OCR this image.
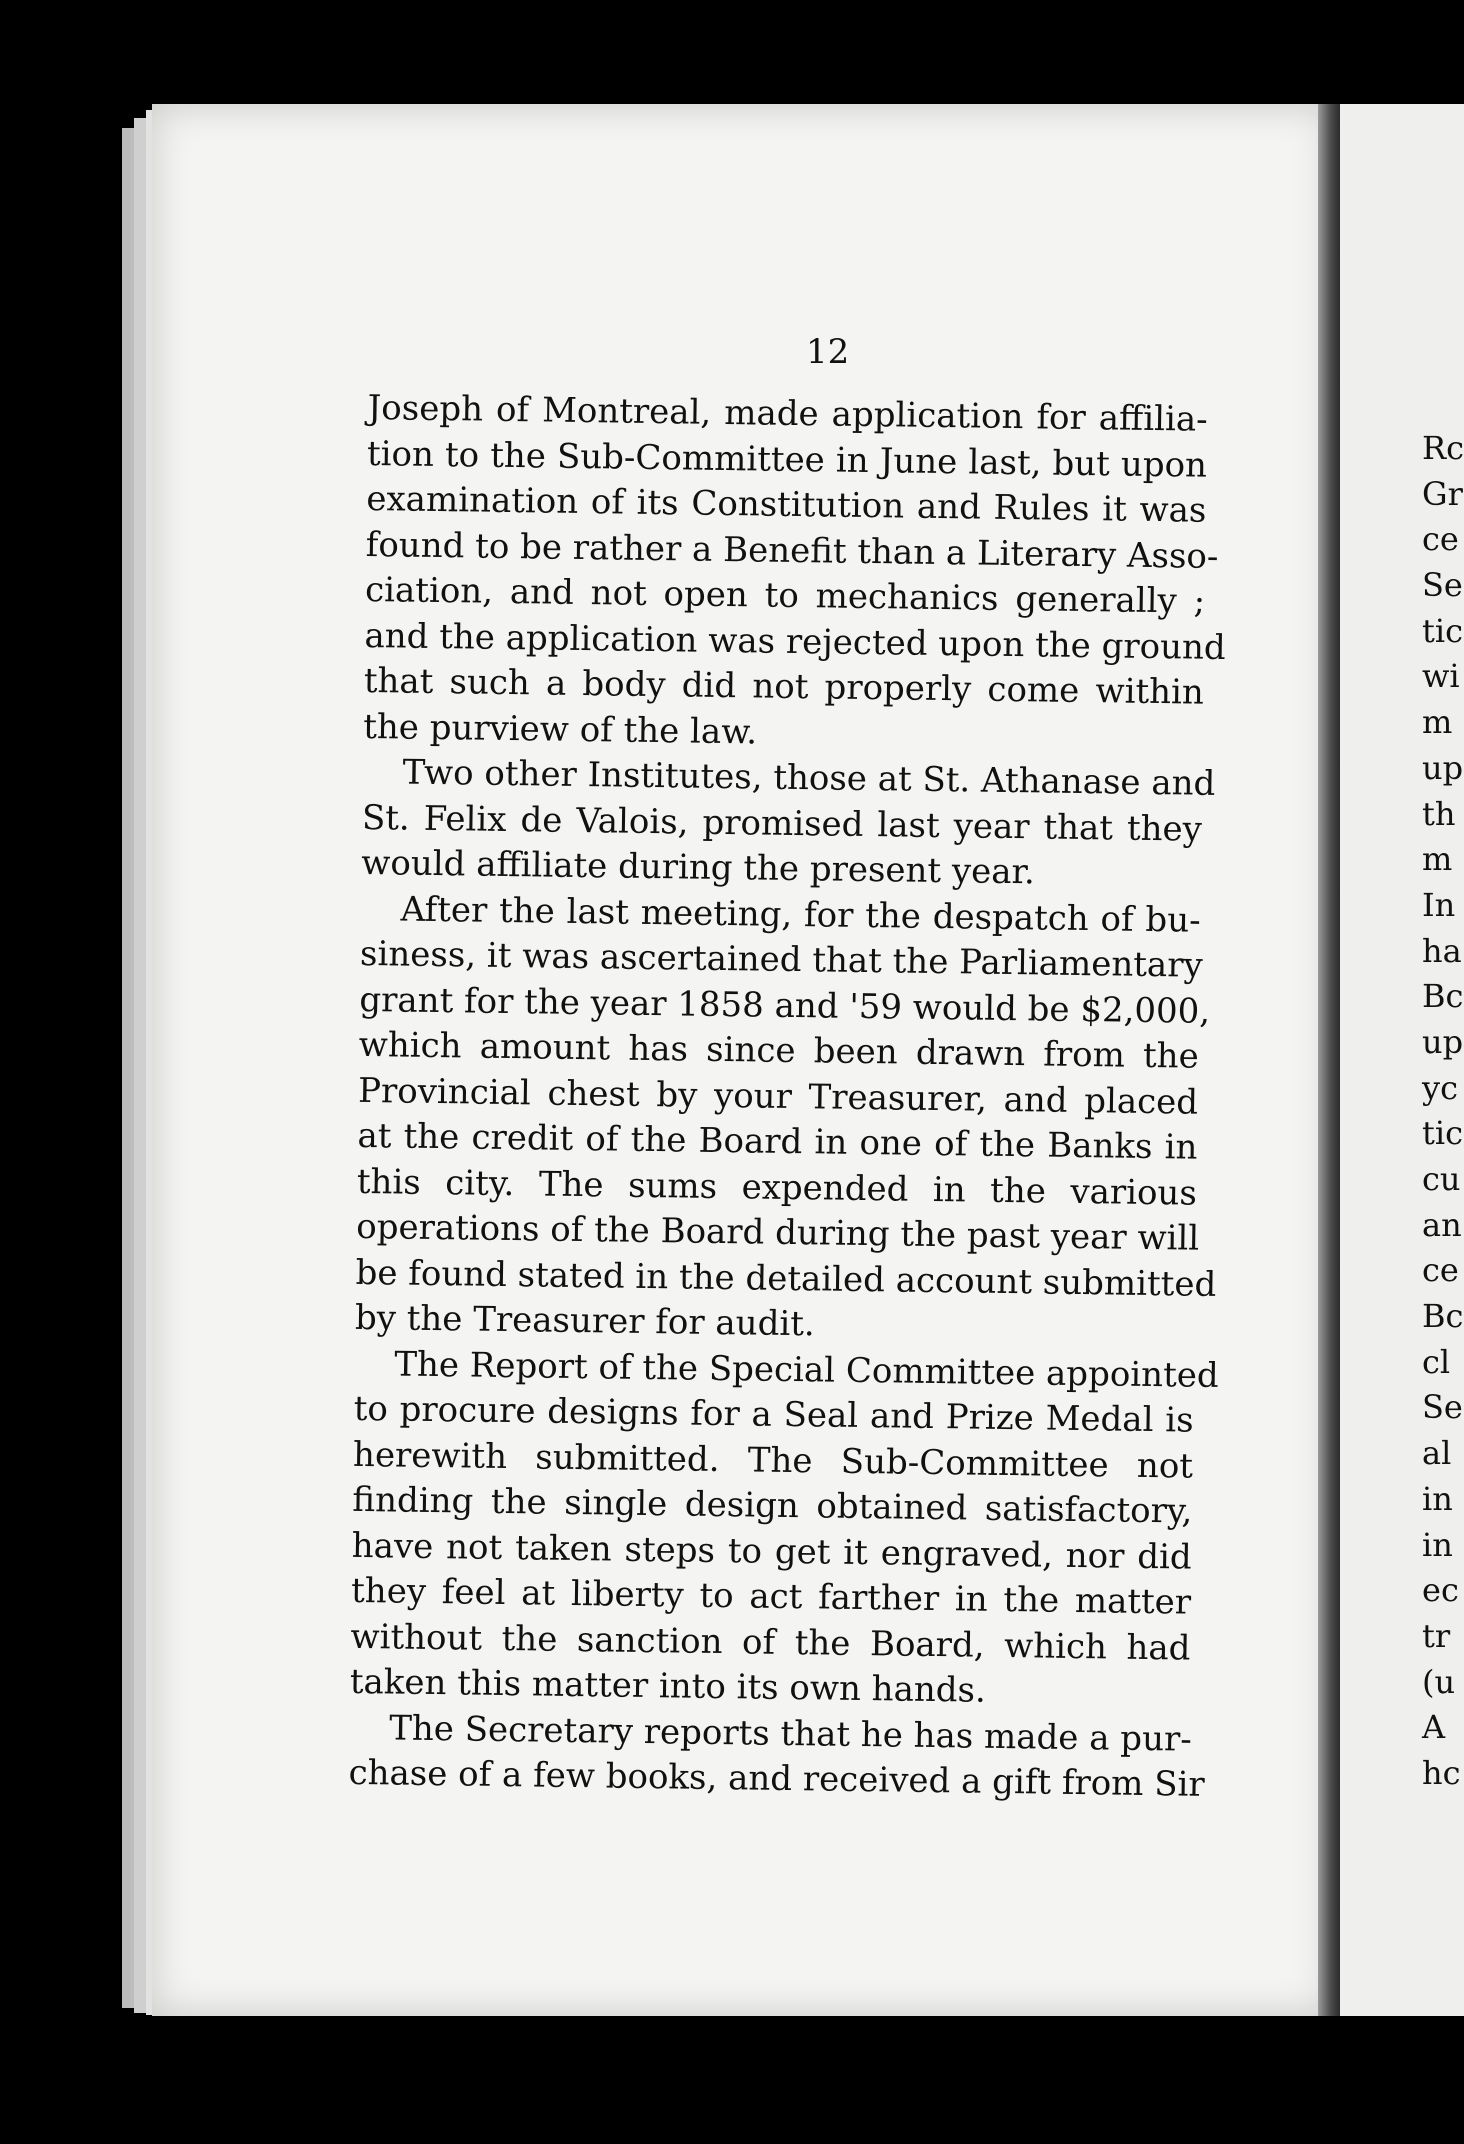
12
Joseph of Montreal, made application for affilia-
tion to the Sub-Committee in June last, but upon
examination of its Constitution and Rules it was
found to be rather a Benefit than a Literary Asso-
ciation, and not open to mechanics generally ;
and the application was rejected upon the ground
that such a body did not properly come within
the purview of the law.
Two other Institutes, those at St. Athanase and
St. Felix de Valois, promised last year that they
would affiliate during the present year.
After the last meeting, for the despatch of bu-
siness, it was ascertained that the Parliamentary
grant for the year 1858 and '59 would be $2,000,
which amount has since been drawn from the
Provincial chest by your Treasurer, and placed
at the credit of the Board in one of the Banks in
this city. The sums expended in the various
operations of the Board during the past year will
be found stated in the detailed account submitted
by the Treasurer for audit.
The Report of the Special Committee appointed
to procure designs for a Seal and Prize Medal is
herewith submitted. The Sub-Committee not
finding the single design obtained satisfactory,
have not taken steps to get it engraved, nor did
they feel at liberty to act farther in the matter
without the sanction of the Board, which had
taken this matter into its own hands.
The Secretary reports that he has made a pur-
chase of a few books, and received a gift from Sir
Rc
Gr
ce
Se
tic
wi
m
up
th
m
In
ha
Bc
up
yc
tic
cu
an
ce
Bc
cl
Se
al
in
in
ec
tr
(u
A
hc
